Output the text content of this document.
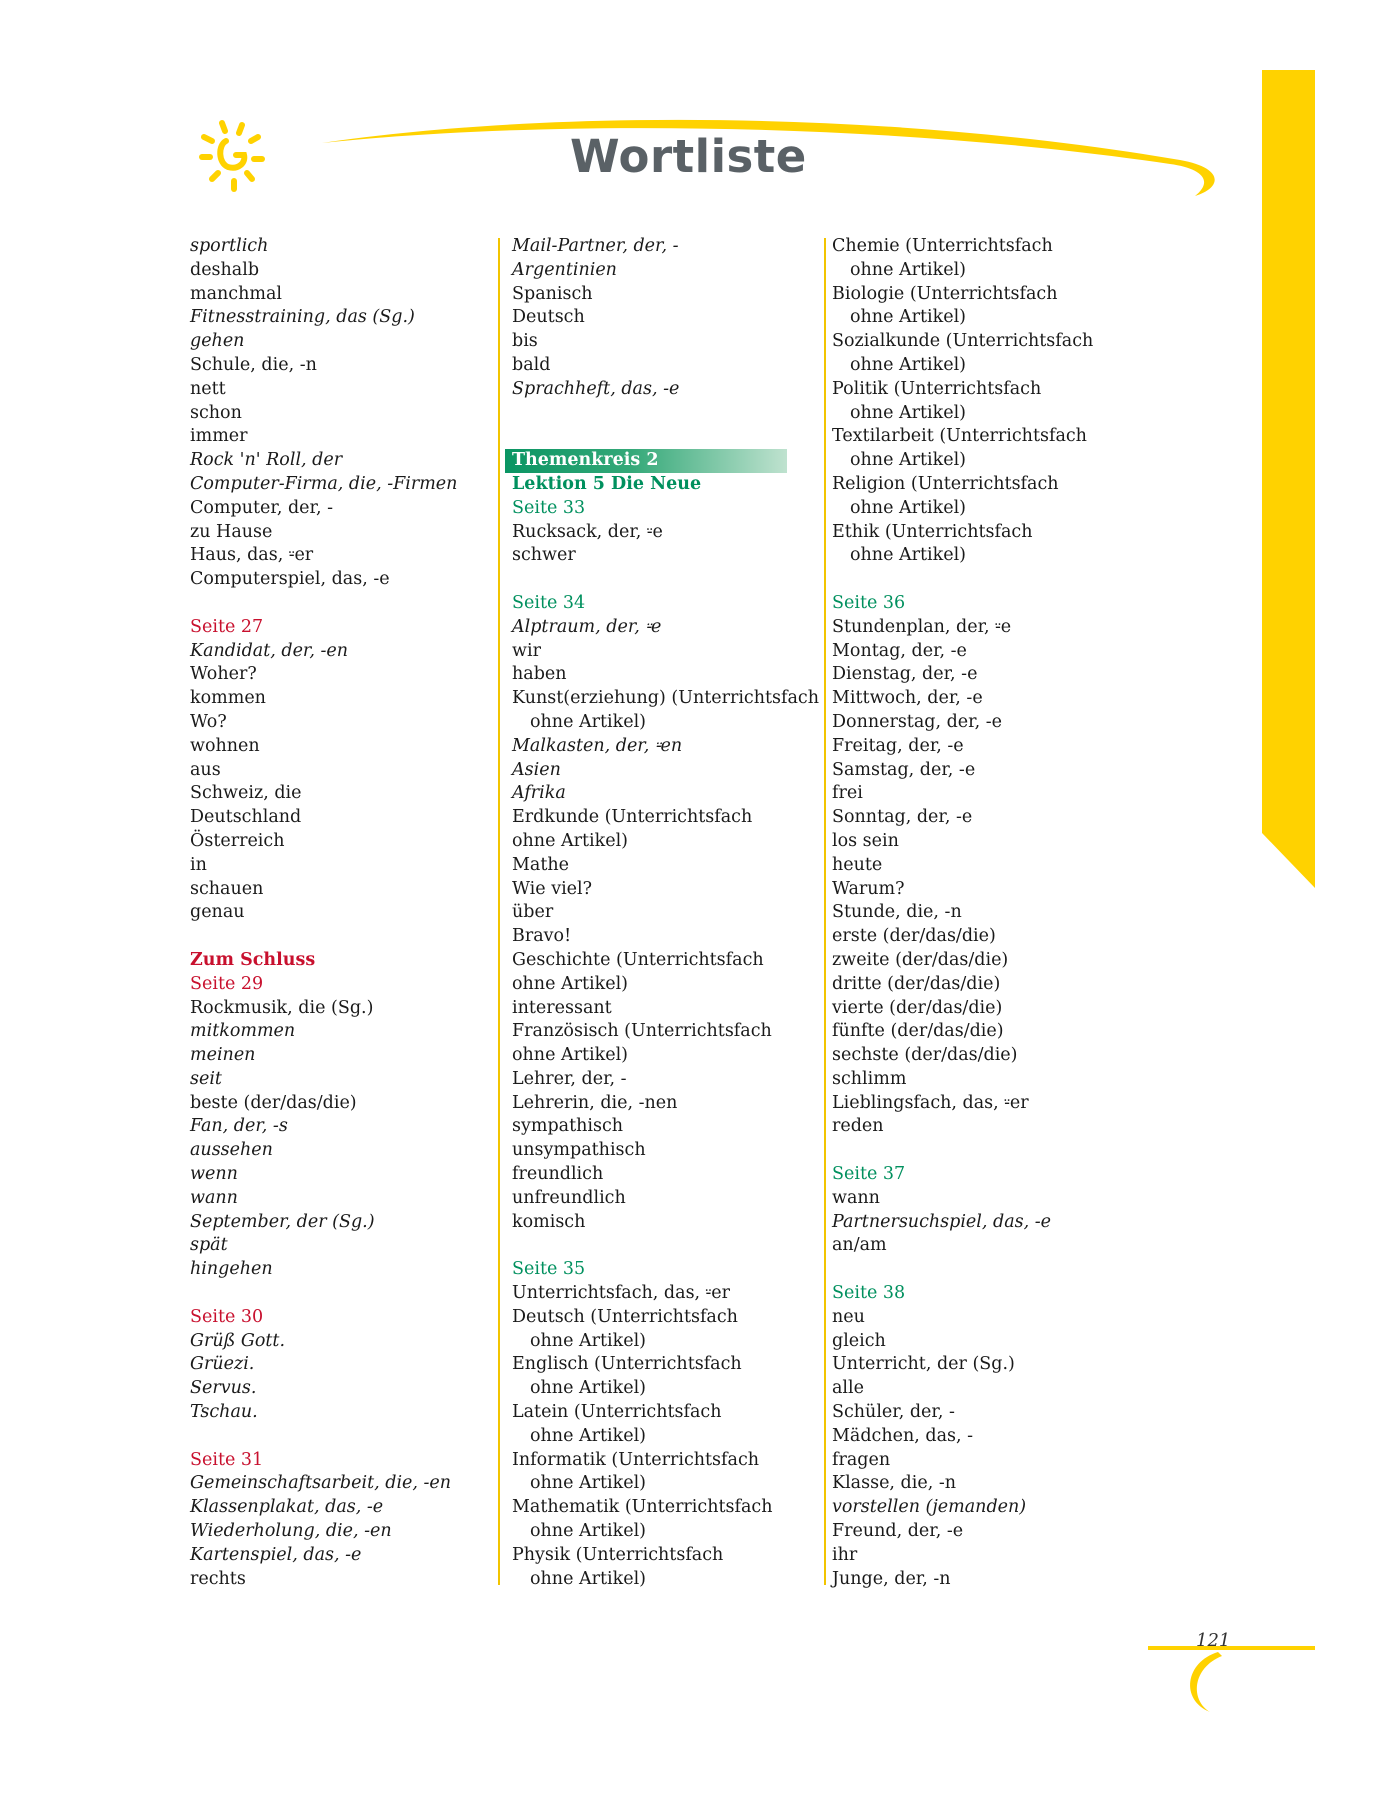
Wortliste
sportlich
deshalb
manchmal
Fitnesstraining, das (Sg.)
gehen
Schule, die, -n
nett
schon
immer
Rock 'n' Roll, der
Computer-Firma, die, -Firmen
Computer, der, -
zu Hause
Haus, das, ⸚er
Computerspiel, das, -e
Seite 27
Kandidat, der, -en
Woher?
kommen
Wo?
wohnen
aus
Schweiz, die
Deutschland
Österreich
in
schauen
genau
Zum Schluss
Seite 29
Rockmusik, die (Sg.)
mitkommen
meinen
seit
beste (der/das/die)
Fan, der, -s
aussehen
wenn
wann
September, der (Sg.)
spät
hingehen
Seite 30
Grüß Gott.
Grüezi.
Servus.
Tschau.
Seite 31
Gemeinschaftsarbeit, die, -en
Klassenplakat, das, -e
Wiederholung, die, -en
Kartenspiel, das, -e
rechts
Mail-Partner, der, -
Argentinien
Spanisch
Deutsch
bis
bald
Sprachheft, das, -e
Themenkreis 2
Lektion 5 Die Neue
Seite 33
Rucksack, der, ⸚e
schwer
Seite 34
Alptraum, der, ⸚e
wir
haben
Kunst(erziehung) (Unterrichtsfach
ohne Artikel)
Malkasten, der, ⸚en
Asien
Afrika
Erdkunde (Unterrichtsfach
ohne Artikel)
Mathe
Wie viel?
über
Bravo!
Geschichte (Unterrichtsfach
ohne Artikel)
interessant
Französisch (Unterrichtsfach
ohne Artikel)
Lehrer, der, -
Lehrerin, die, -nen
sympathisch
unsympathisch
freundlich
unfreundlich
komisch
Seite 35
Unterrichtsfach, das, ⸚er
Deutsch (Unterrichtsfach
ohne Artikel)
Englisch (Unterrichtsfach
ohne Artikel)
Latein (Unterrichtsfach
ohne Artikel)
Informatik (Unterrichtsfach
ohne Artikel)
Mathematik (Unterrichtsfach
ohne Artikel)
Physik (Unterrichtsfach
ohne Artikel)
Chemie (Unterrichtsfach
ohne Artikel)
Biologie (Unterrichtsfach
ohne Artikel)
Sozialkunde (Unterrichtsfach
ohne Artikel)
Politik (Unterrichtsfach
ohne Artikel)
Textilarbeit (Unterrichtsfach
ohne Artikel)
Religion (Unterrichtsfach
ohne Artikel)
Ethik (Unterrichtsfach
ohne Artikel)
Seite 36
Stundenplan, der, ⸚e
Montag, der, -e
Dienstag, der, -e
Mittwoch, der, -e
Donnerstag, der, -e
Freitag, der, -e
Samstag, der, -e
frei
Sonntag, der, -e
los sein
heute
Warum?
Stunde, die, -n
erste (der/das/die)
zweite (der/das/die)
dritte (der/das/die)
vierte (der/das/die)
fünfte (der/das/die)
sechste (der/das/die)
schlimm
Lieblingsfach, das, ⸚er
reden
Seite 37
wann
Partnersuchspiel, das, -e
an/am
Seite 38
neu
gleich
Unterricht, der (Sg.)
alle
Schüler, der, -
Mädchen, das, -
fragen
Klasse, die, -n
vorstellen (jemanden)
Freund, der, -e
ihr
Junge, der, -n
121
